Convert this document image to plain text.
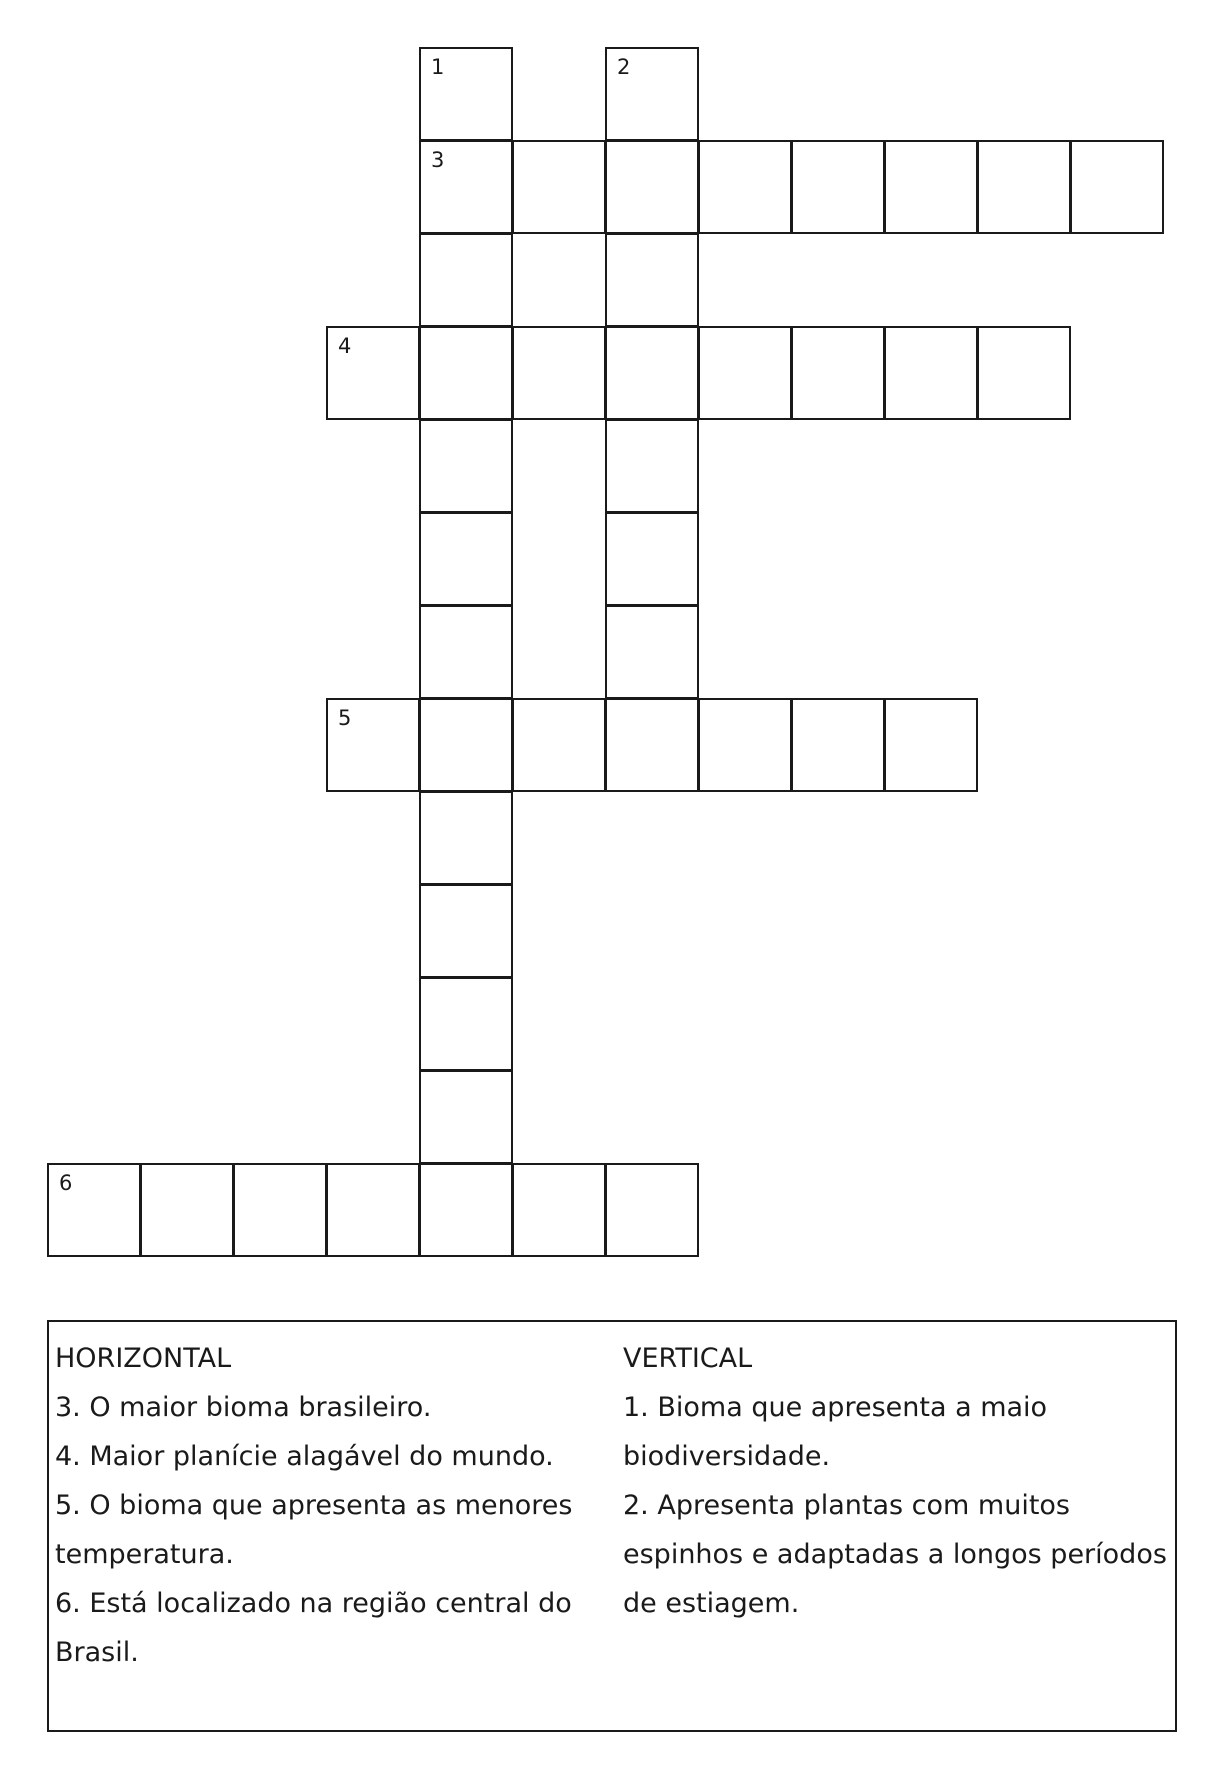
1
3
2
4
5
6
HORIZONTAL
3. O maior bioma brasileiro.
4. Maior planície alagável do mundo.
5. O bioma que apresenta as menores
temperatura.
6. Está localizado na região central do
Brasil.
VERTICAL
1. Bioma que apresenta a maio
biodiversidade.
2. Apresenta plantas com muitos
espinhos e adaptadas a longos períodos
de estiagem.
